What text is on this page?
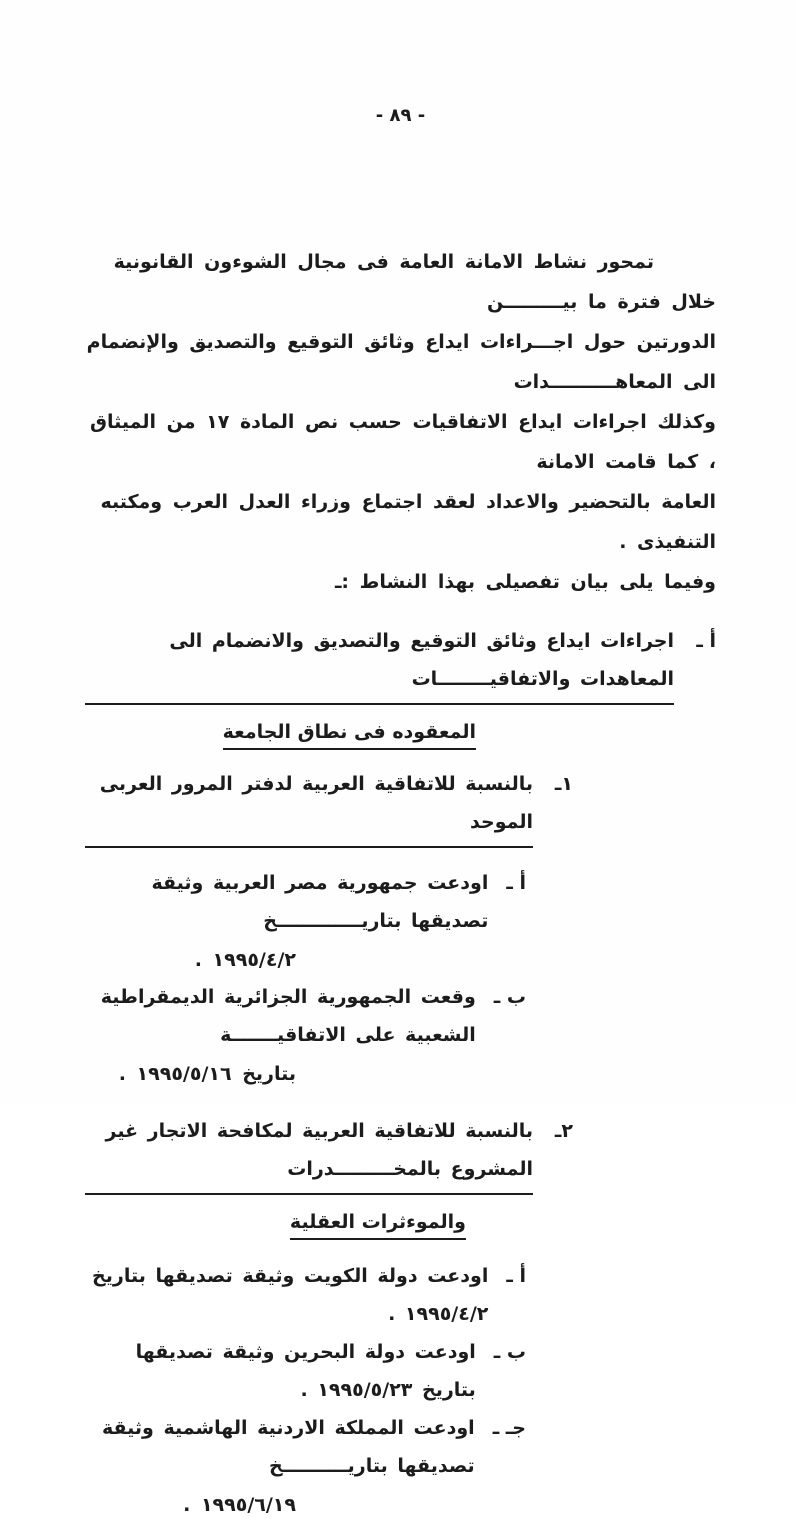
- ٨٩ -

تمحور نشاط الامانة العامة فى مجال الشوءون القانونية خلال فترة ما بيـــــــــن

الدورتين حول اجـــراءات ايداع وثائق التوقيع والتصديق والإنضمام الى المعاهــــــــــدات

وكذلك اجراءات ايداع الاتفاقيات حسب نص المادة ١٧ من الميثاق ، كما قامت الامانة

العامة بالتحضير والاعداد لعقد اجتماع وزراء العدل العرب ومكتبه التنفيذى .

وفيما يلى بيان تفصيلى بهذا النشاط :ـ

أ ـ
اجراءات ايداع وثائق التوقيع والتصديق والانضمام الى المعاهدات والاتفاقيــــــــات
المعقوده فى نطاق الجامعة
١ـ
بالنسبة للاتفاقية العربية لدفتر المرور العربى الموحد
أ ـ
اودعت جمهورية مصر العربية وثيقة تصديقها بتاريـــــــــــــخ
١٩٩٥/٤/٢ .
ب ـ
وقعت الجمهورية الجزائرية الديمقراطية الشعبية على الاتفاقيـــــــة
بتاريخ ١٩٩٥/٥/١٦ .
٢ـ
بالنسبة للاتفاقية العربية لمكافحة الاتجار غير المشروع بالمخـــــــــدرات
والموءثرات العقلية
أ ـ
اودعت دولة الكويت وثيقة تصديقها بتاريخ ١٩٩٥/٤/٢ .
ب ـ
اودعت دولة البحرين وثيقة تصديقها بتاريخ ١٩٩٥/٥/٢٣ .
جـ ـ
اودعت المملكة الاردنية الهاشمية وثيقة تصديقها بتاريــــــــــخ
١٩٩٥/٦/١٩ .
